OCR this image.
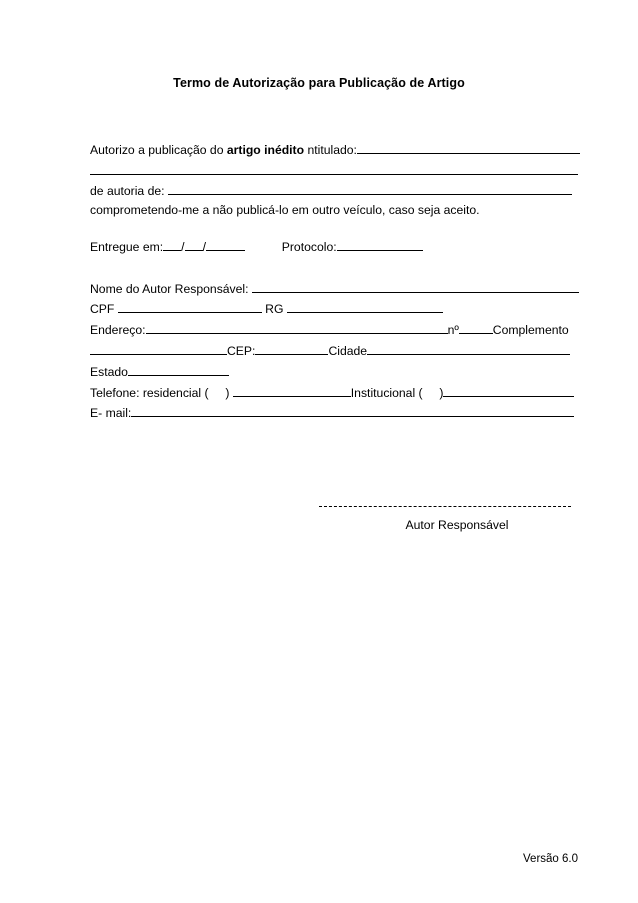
Termo de Autorização para Publicação de Artigo
Autorizo a publicação do artigo inédito ntitulado:
de autoria de:
comprometendo-me a não publicá-lo em outro veículo, caso seja aceito.
Entregue em: / /	Protocolo:
Nome do Autor Responsável:
CPF	RG
Endereço:	nº	Complemento
CEP:	Cidade
Estado
Telefone: residencial ( )	Institucional ( )
E- mail:
Autor Responsável
Versão 6.0
